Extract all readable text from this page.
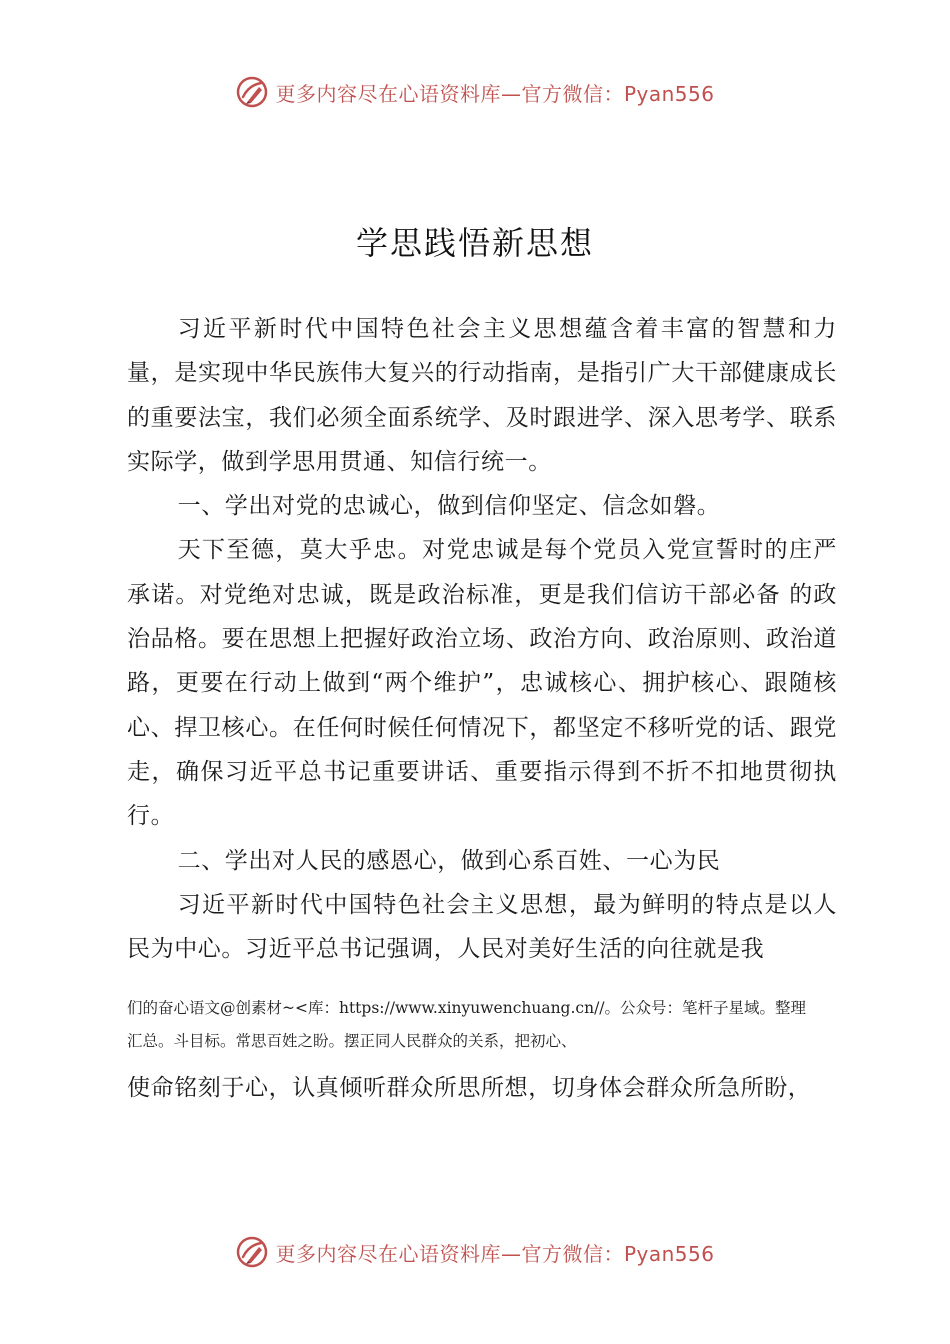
更多内容尽在心语资料库—官方微信：Pyan556
学思践悟新思想

习近平新时代中国特色社会主义思想蕴含着丰富的智慧和力量，是实现中华民族伟大复兴的行动指南，是指引广大干部健康成长的重要法宝，我们必须全面系统学、及时跟进学、深入思考学、联系实际学，做到学思用贯通、知信行统一。

一、学出对党的忠诚心，做到信仰坚定、信念如磐。

天下至德，莫大乎忠。对党忠诚是每个党员入党宣誓时的庄严承诺。对党绝对忠诚，既是政治标准，更是我们信访干部必备 的政治品格。要在思想上把握好政治立场、政治方向、政治原则、政治道路，更要在行动上做到“两个维护”，忠诚核心、拥护核心、跟随核心、捍卫核心。在任何时候任何情况下，都坚定不移听党的话、跟党走，确保习近平总书记重要讲话、重要指示得到不折不扣地贯彻执行。

二、学出对人民的感恩心，做到心系百姓、一心为民

习近平新时代中国特色社会主义思想，最为鲜明的特点是以人民为中心。习近平总书记强调，人民对美好生活的向往就是我

们的奋心语文@创素材~<库：https://www.xinyuwenchuang.cn//。公众号：笔杆子星域。整理

汇总。斗目标。常思百姓之盼。摆正同人民群众的关系，把初心、

使命铭刻于心，认真倾听群众所思所想，切身体会群众所急所盼，

更多内容尽在心语资料库—官方微信：Pyan556
